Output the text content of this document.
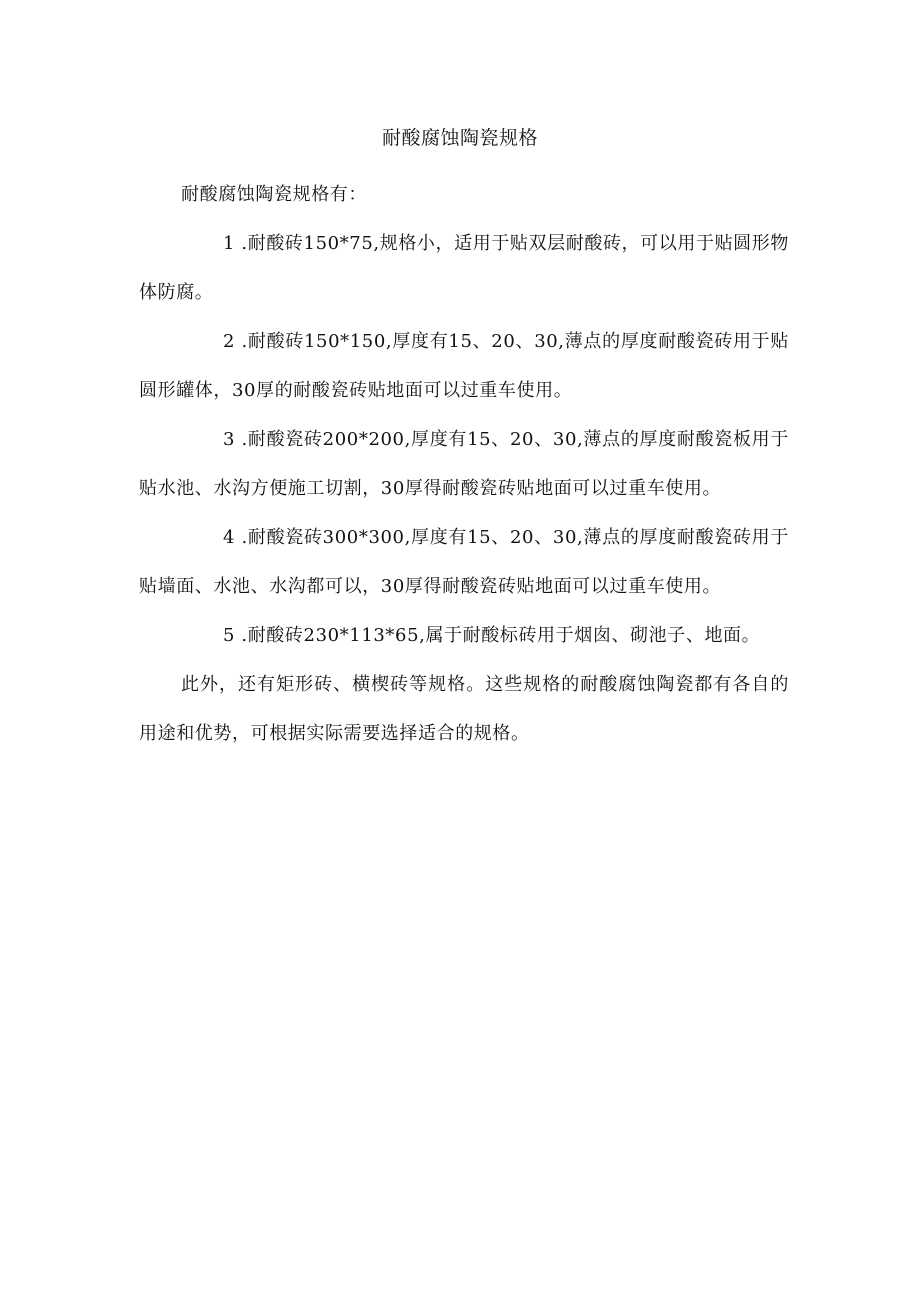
耐酸腐蚀陶瓷规格

耐酸腐蚀陶瓷规格有：

1 .耐酸砖150*75,规格小，适用于贴双层耐酸砖，可以用于贴圆形物体防腐。

2 .耐酸砖150*150,厚度有15、20、30,薄点的厚度耐酸瓷砖用于贴圆形罐体，30厚的耐酸瓷砖贴地面可以过重车使用。

3 .耐酸瓷砖200*200,厚度有15、20、30,薄点的厚度耐酸瓷板用于贴水池、水沟方便施工切割，30厚得耐酸瓷砖贴地面可以过重车使用。

4 .耐酸瓷砖300*300,厚度有15、20、30,薄点的厚度耐酸瓷砖用于贴墙面、水池、水沟都可以，30厚得耐酸瓷砖贴地面可以过重车使用。

5 .耐酸砖230*113*65,属于耐酸标砖用于烟囱、砌池子、地面。

此外，还有矩形砖、横楔砖等规格。这些规格的耐酸腐蚀陶瓷都有各自的用途和优势，可根据实际需要选择适合的规格。
